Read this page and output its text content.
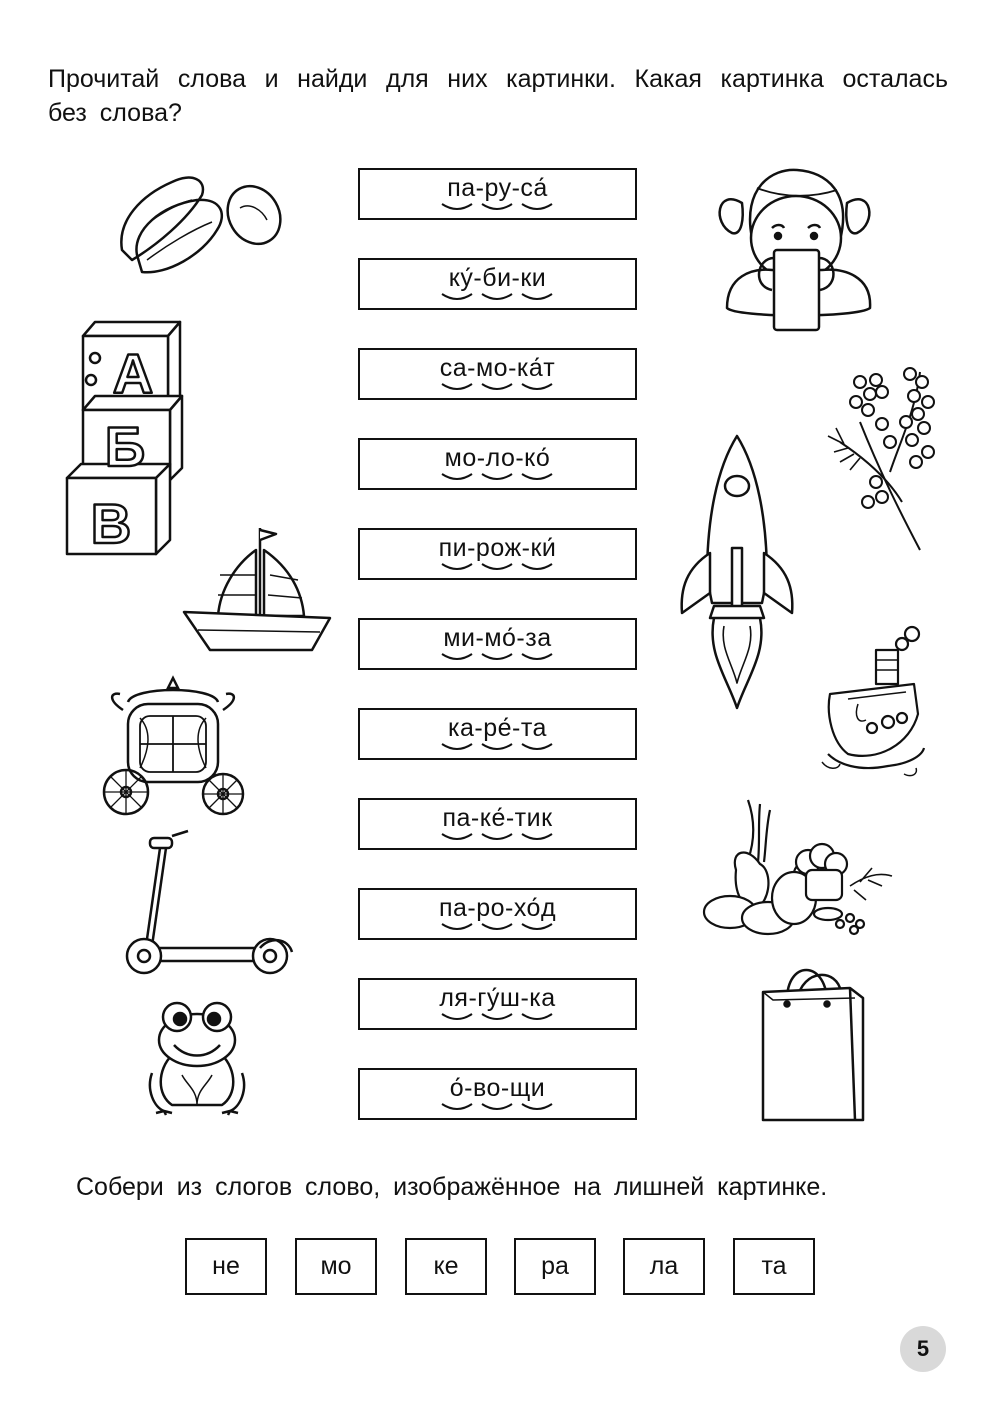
Прочитай слова и найди для них картинки. Какая картинка осталась без слова?
па-ру-са́
ку́-би-ки
са-мо-ка́т
мо-ло-ко́
пи-рож-ки́
ми-мо́-за
ка-ре́-та
па-ке́-тик
па-ро-хо́д
ля-гу́ш-ка
о́-во-щи
А
Б
В
Собери из слогов слово, изображённое на лишней картинке.
не	мо	ке	ра	ла	та
5
